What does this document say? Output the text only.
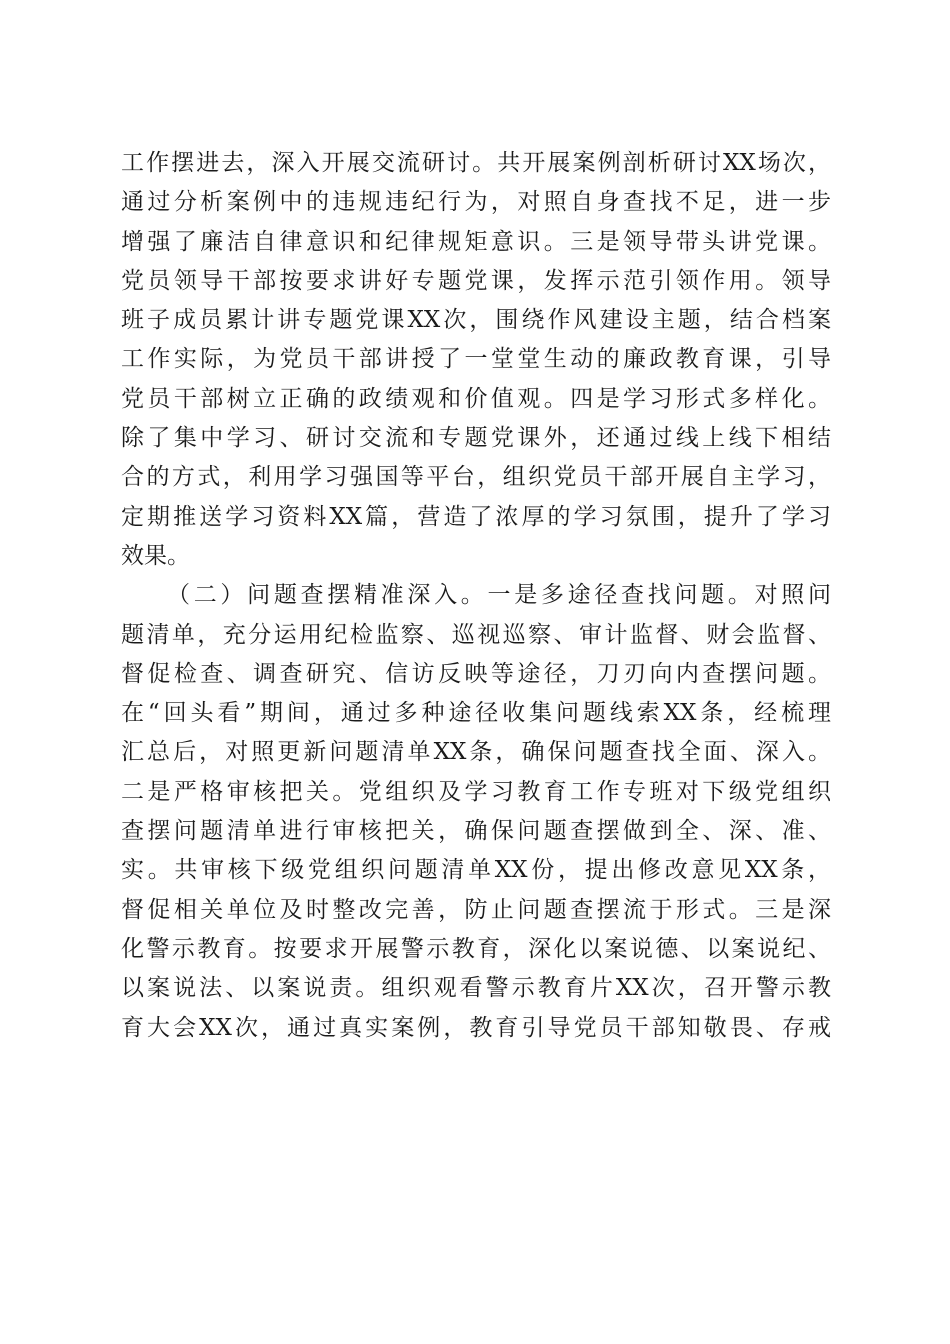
工作摆进去，深入开展交流研讨。共开展案例剖析研讨XX场次，
通过分析案例中的违规违纪行为，对照自身查找不足，进一步
增强了廉洁自律意识和纪律规矩意识。三是领导带头讲党课。
党员领导干部按要求讲好专题党课，发挥示范引领作用。领导
班子成员累计讲专题党课XX次，围绕作风建设主题，结合档案
工作实际，为党员干部讲授了一堂堂生动的廉政教育课，引导
党员干部树立正确的政绩观和价值观。四是学习形式多样化。
除了集中学习、研讨交流和专题党课外，还通过线上线下相结
合的方式，利用学习强国等平台，组织党员干部开展自主学习，
定期推送学习资料XX篇，营造了浓厚的学习氛围，提升了学习
效果。
（二）问题查摆精准深入。一是多途径查找问题。对照问
题清单，充分运用纪检监察、巡视巡察、审计监督、财会监督、
督促检查、调查研究、信访反映等途径，刀刃向内查摆问题。
在“回头看”期间，通过多种途径收集问题线索XX条，经梳理
汇总后，对照更新问题清单XX条，确保问题查找全面、深入。
二是严格审核把关。党组织及学习教育工作专班对下级党组织
查摆问题清单进行审核把关，确保问题查摆做到全、深、准、
实。共审核下级党组织问题清单XX份，提出修改意见XX条，
督促相关单位及时整改完善，防止问题查摆流于形式。三是深
化警示教育。按要求开展警示教育，深化以案说德、以案说纪、
以案说法、以案说责。组织观看警示教育片XX次，召开警示教
育大会XX次，通过真实案例，教育引导党员干部知敬畏、存戒
